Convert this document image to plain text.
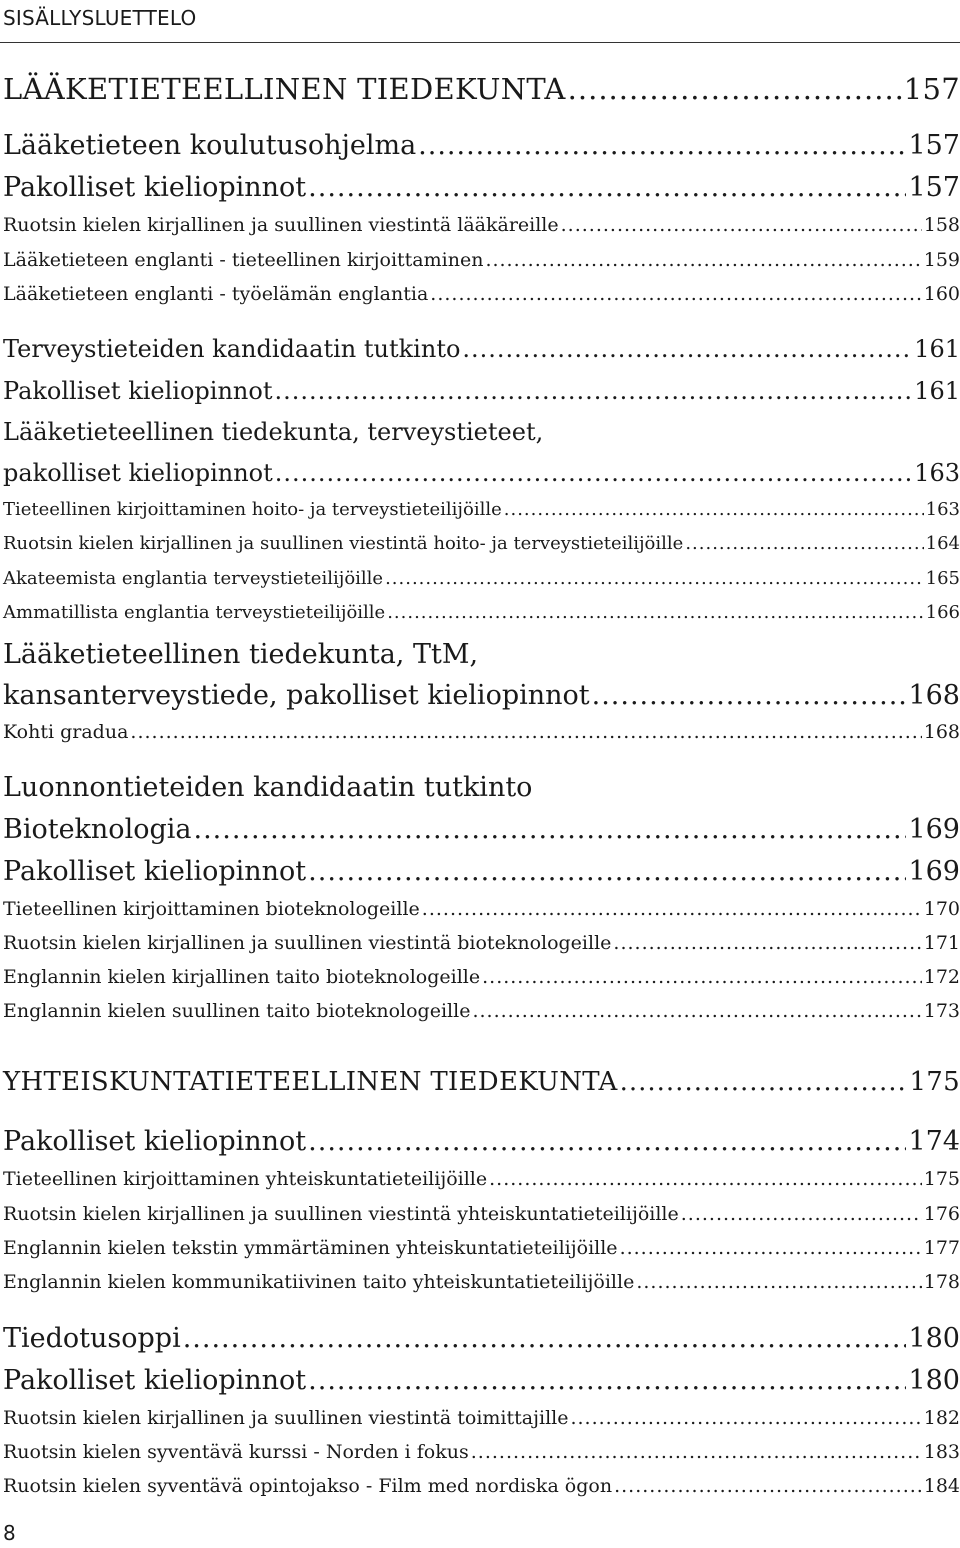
SISÄLLYSLUETTELO
LÄÄKETIETEELLINEN TIEDEKUNTA .....	157
Lääketieteen koulutusohjelma .....	157
Pakolliset kieliopinnot .....	157
Ruotsin kielen kirjallinen ja suullinen viestintä lääkäreille .....	158
Lääketieteen englanti - tieteellinen kirjoittaminen .....	159
Lääketieteen englanti - työelämän englantia .....	160
Terveystieteiden kandidaatin tutkinto .....	161
Pakolliset kieliopinnot .....	161
Lääketieteellinen tiedekunta, terveystieteet,
pakolliset kieliopinnot .....	163
Tieteellinen kirjoittaminen hoito- ja terveystieteilijöille .....	163
Ruotsin kielen kirjallinen ja suullinen viestintä hoito- ja terveystieteilijöille .....	164
Akateemista englantia terveystieteilijöille .....	165
Ammatillista englantia terveystieteilijöille .....	166
Lääketieteellinen tiedekunta, TtM,
kansanterveystiede, pakolliset kieliopinnot .....	168
Kohti gradua .....	168
Luonnontieteiden kandidaatin tutkinto
Bioteknologia .....	169
Pakolliset kieliopinnot .....	169
Tieteellinen kirjoittaminen bioteknologeille .....	170
Ruotsin kielen kirjallinen ja suullinen viestintä bioteknologeille .....	171
Englannin kielen kirjallinen taito bioteknologeille .....	172
Englannin kielen suullinen taito bioteknologeille .....	173
YHTEISKUNTATIETEELLINEN TIEDEKUNTA .....	175
Pakolliset kieliopinnot .....	174
Tieteellinen kirjoittaminen yhteiskuntatieteilijöille .....	175
Ruotsin kielen kirjallinen ja suullinen viestintä yhteiskuntatieteilijöille .....	176
Englannin kielen tekstin ymmärtäminen yhteiskuntatieteilijöille .....	177
Englannin kielen kommunikatiivinen taito yhteiskuntatieteilijöille .....	178
Tiedotusoppi .....	180
Pakolliset kieliopinnot .....	180
Ruotsin kielen kirjallinen ja suullinen viestintä toimittajille .....	182
Ruotsin kielen syventävä kurssi - Norden i fokus .....	183
Ruotsin kielen syventävä opintojakso - Film med nordiska ögon .....	184
8
